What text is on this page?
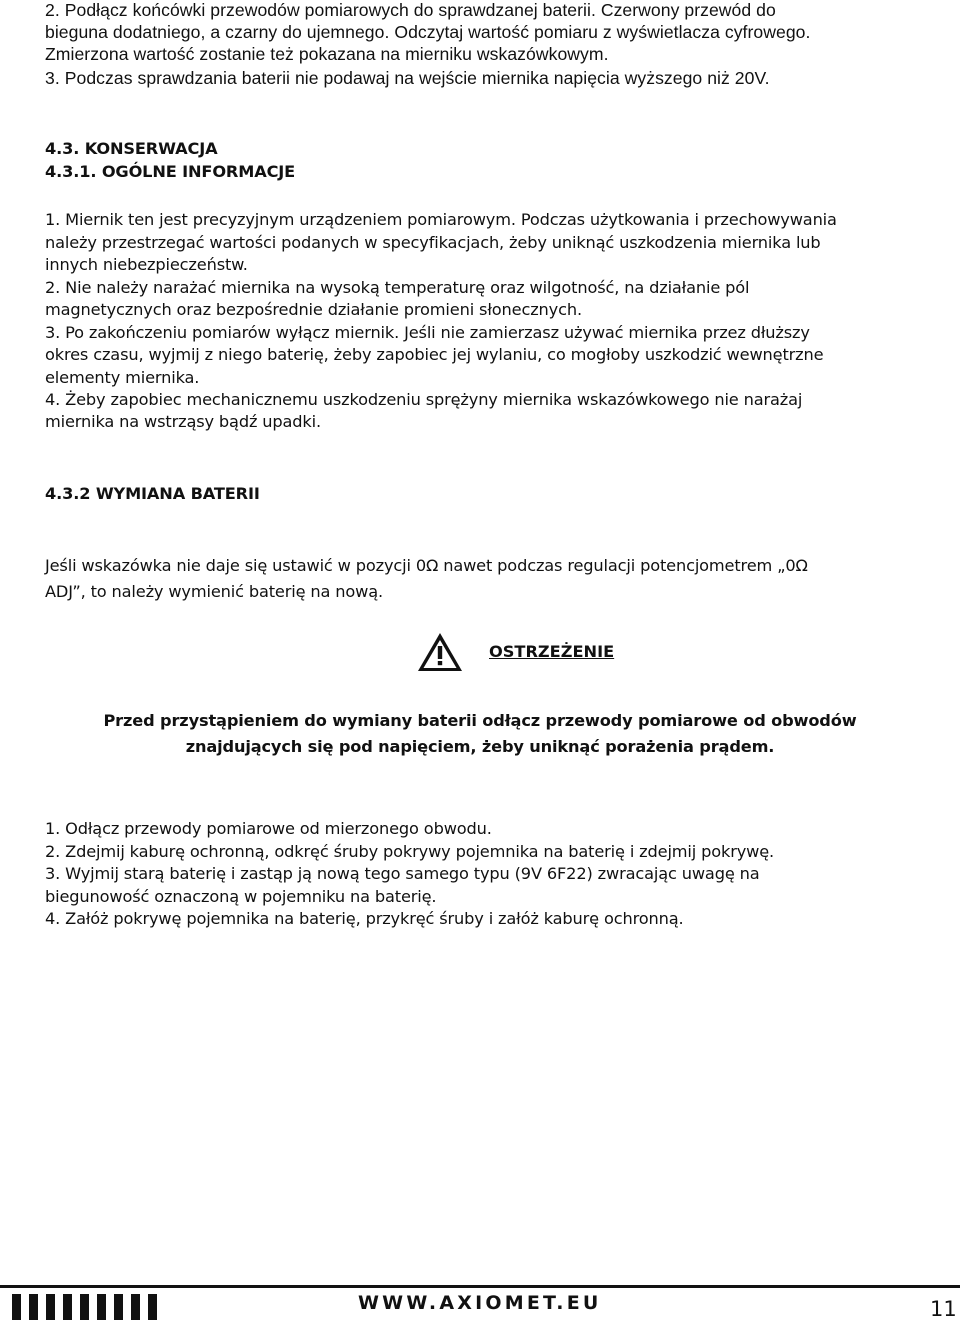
2. Podłącz końcówki przewodów pomiarowych do sprawdzanej baterii. Czerwony przewód do
bieguna dodatniego, a czarny do ujemnego. Odczytaj wartość pomiaru z wyświetlacza cyfrowego.
Zmierzona wartość zostanie też pokazana na mierniku wskazówkowym.
3. Podczas sprawdzania baterii nie podawaj na wejście miernika napięcia wyższego niż 20V.
4.3. KONSERWACJA
4.3.1. OGÓLNE INFORMACJE
1. Miernik ten jest precyzyjnym urządzeniem pomiarowym. Podczas użytkowania i przechowywania
należy przestrzegać wartości podanych w specyfikacjach, żeby uniknąć uszkodzenia miernika lub
innych niebezpieczeństw.
2. Nie należy narażać miernika na wysoką temperaturę oraz wilgotność, na działanie pól
magnetycznych oraz bezpośrednie działanie promieni słonecznych.
3. Po zakończeniu pomiarów wyłącz miernik. Jeśli nie zamierzasz używać miernika przez dłuższy
okres czasu, wyjmij z niego baterię, żeby zapobiec jej wylaniu, co mogłoby uszkodzić wewnętrzne
elementy miernika.
4. Żeby zapobiec mechanicznemu uszkodzeniu sprężyny miernika wskazówkowego nie narażaj
miernika na wstrząsy bądź upadki.
4.3.2 WYMIANA BATERII
Jeśli wskazówka nie daje się ustawić w pozycji 0Ω nawet podczas regulacji potencjometrem „0Ω
ADJ”, to należy wymienić baterię na nową.
Przed przystąpieniem do wymiany baterii odłącz przewody pomiarowe od obwodów
znajdujących się pod napięciem, żeby uniknąć porażenia prądem.
1. Odłącz przewody pomiarowe od mierzonego obwodu.
2. Zdejmij kaburę ochronną, odkręć śruby pokrywy pojemnika na baterię i zdejmij pokrywę.
3. Wyjmij starą baterię i zastąp ją nową tego samego typu (9V 6F22) zwracając uwagę na
biegunowość oznaczoną w pojemniku na baterię.
4. Załóż pokrywę pojemnika na baterię, przykręć śruby i załóż kaburę ochronną.
OSTRZEŻENIE
WWW.AXIOMET.EU	11
